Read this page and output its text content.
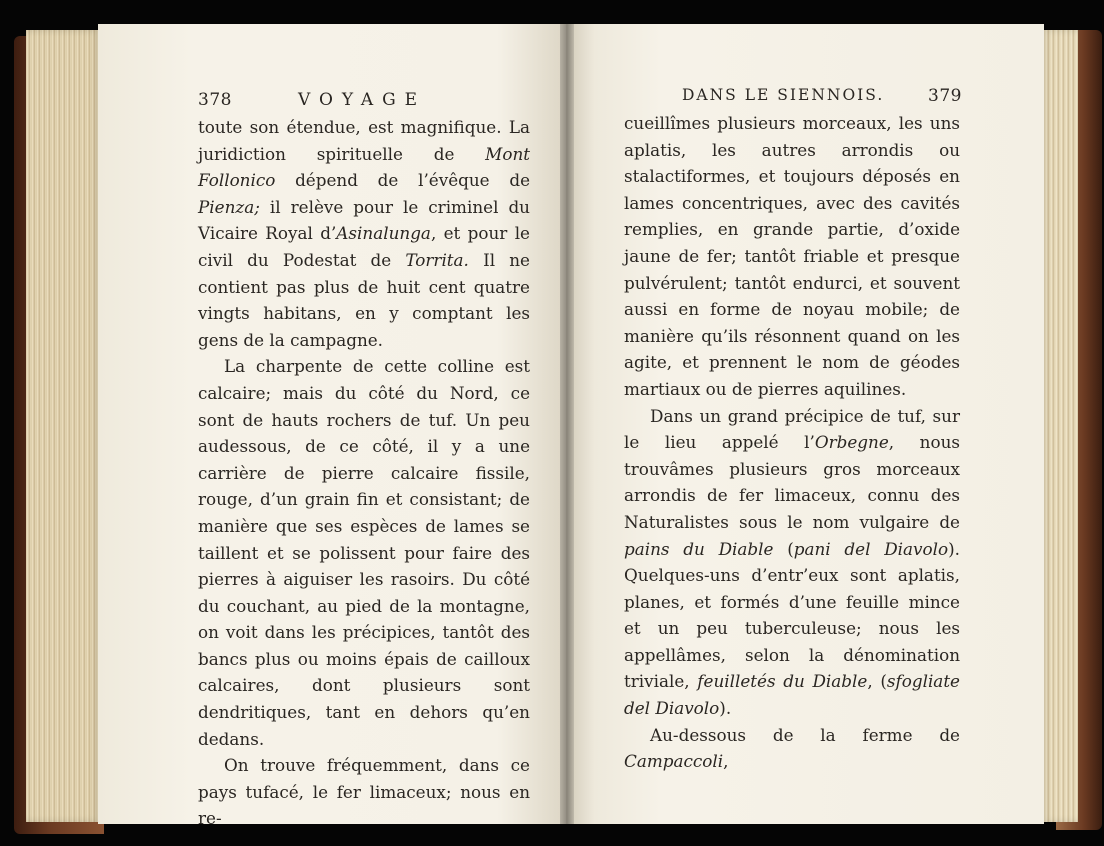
378	VOYAGE	DANS LE SIENNOIS.	379

toute son étendue, est magnifique. La juridiction spirituelle de Mont Follonico dépend de l’évêque de Pienza; il relève pour le criminel du Vicaire Royal d’Asinalunga, et pour le civil du Podestat de Torrita. Il ne contient pas plus de huit cent quatre vingts habitans, en y comptant les gens de la campagne.

La charpente de cette colline est calcaire; mais du côté du Nord, ce sont de hauts rochers de tuf. Un peu audessous, de ce côté, il y a une carrière de pierre calcaire fissile, rouge, d’un grain fin et consistant; de manière que ses espèces de lames se taillent et se polissent pour faire des pierres à aiguiser les rasoirs. Du côté du couchant, au pied de la montagne, on voit dans les précipices, tantôt des bancs plus ou moins épais de cailloux calcaires, dont plusieurs sont dendritiques, tant en dehors qu’en dedans.

On trouve fréquemment, dans ce pays tufacé, le fer limaceux; nous en re-

cueillîmes plusieurs morceaux, les uns aplatis, les autres arrondis ou stalactiformes, et toujours déposés en lames concentriques, avec des cavités remplies, en grande partie, d’oxide jaune de fer; tantôt friable et presque pulvérulent; tantôt endurci, et souvent aussi en forme de noyau mobile; de manière qu’ils résonnent quand on les agite, et prennent le nom de géodes martiaux ou de pierres aquilines.

Dans un grand précipice de tuf, sur le lieu appelé l’Orbegne, nous trouvâmes plusieurs gros morceaux arrondis de fer limaceux, connu des Naturalistes sous le nom vulgaire de pains du Diable (pani del Diavolo). Quelques-uns d’entr’eux sont aplatis, planes, et formés d’une feuille mince et un peu tuberculeuse; nous les appellâmes, selon la dénomination triviale, feuilletés du Diable, (sfogliate del Diavolo).

Au-dessous de la ferme de Campaccoli,
